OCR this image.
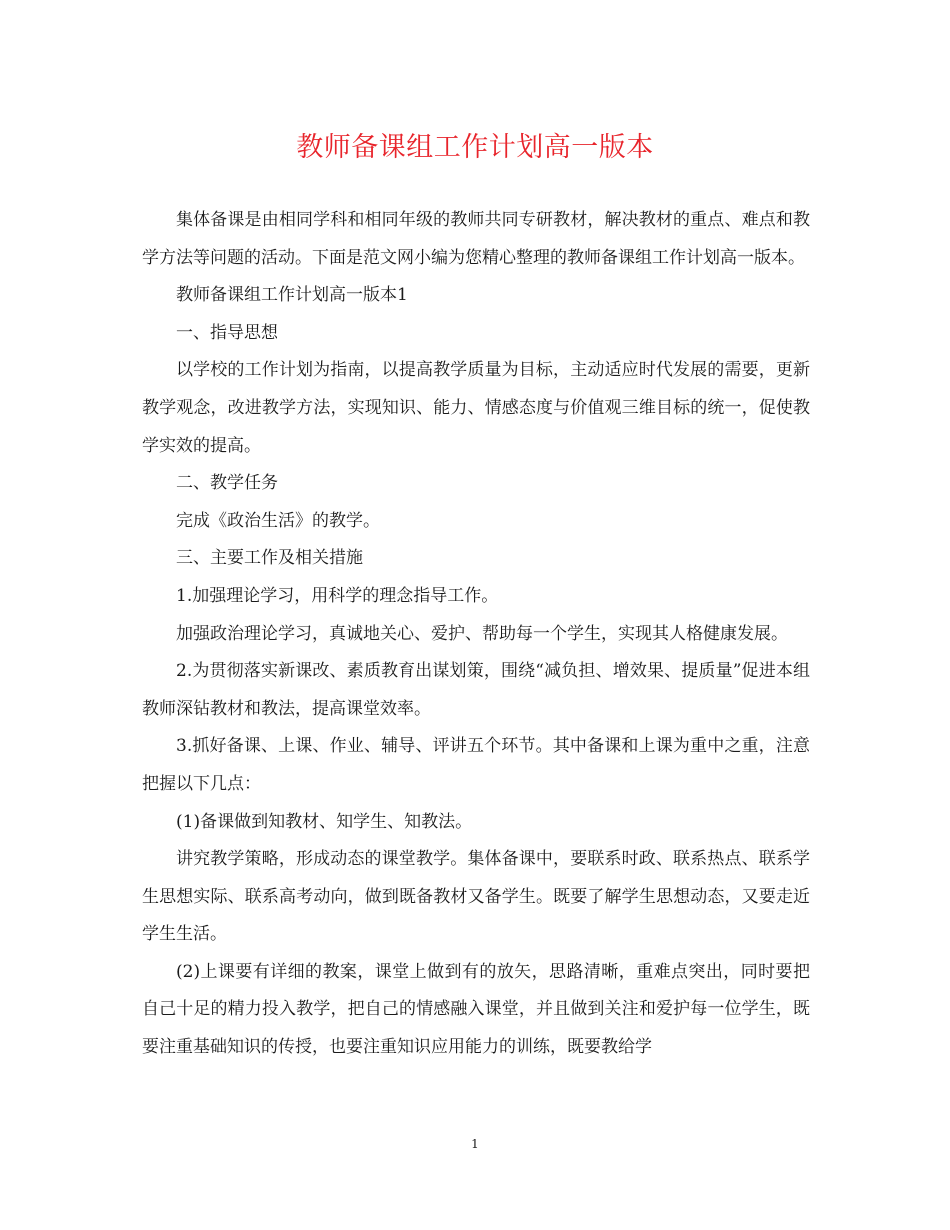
教师备课组工作计划高一版本

集体备课是由相同学科和相同年级的教师共同专研教材，解决教材的重点、难点和教学方法等问题的活动。下面是范文网小编为您精心整理的教师备课组工作计划高一版本。

教师备课组工作计划高一版本1

一、指导思想

以学校的工作计划为指南，以提高教学质量为目标，主动适应时代发展的需要，更新教学观念，改进教学方法，实现知识、能力、情感态度与价值观三维目标的统一，促使教学实效的提高。

二、教学任务

完成《政治生活》的教学。

三、主要工作及相关措施

1.加强理论学习，用科学的理念指导工作。

加强政治理论学习，真诚地关心、爱护、帮助每一个学生，实现其人格健康发展。

2.为贯彻落实新课改、素质教育出谋划策，围绕“减负担、增效果、提质量”促进本组教师深钻教材和教法，提高课堂效率。

3.抓好备课、上课、作业、辅导、评讲五个环节。其中备课和上课为重中之重，注意把握以下几点：

(1)备课做到知教材、知学生、知教法。

讲究教学策略，形成动态的课堂教学。集体备课中，要联系时政、联系热点、联系学生思想实际、联系高考动向，做到既备教材又备学生。既要了解学生思想动态，又要走近学生生活。

(2)上课要有详细的教案，课堂上做到有的放矢，思路清晰，重难点突出，同时要把自己十足的精力投入教学，把自己的情感融入课堂，并且做到关注和爱护每一位学生，既要注重基础知识的传授，也要注重知识应用能力的训练，既要教给学

1
